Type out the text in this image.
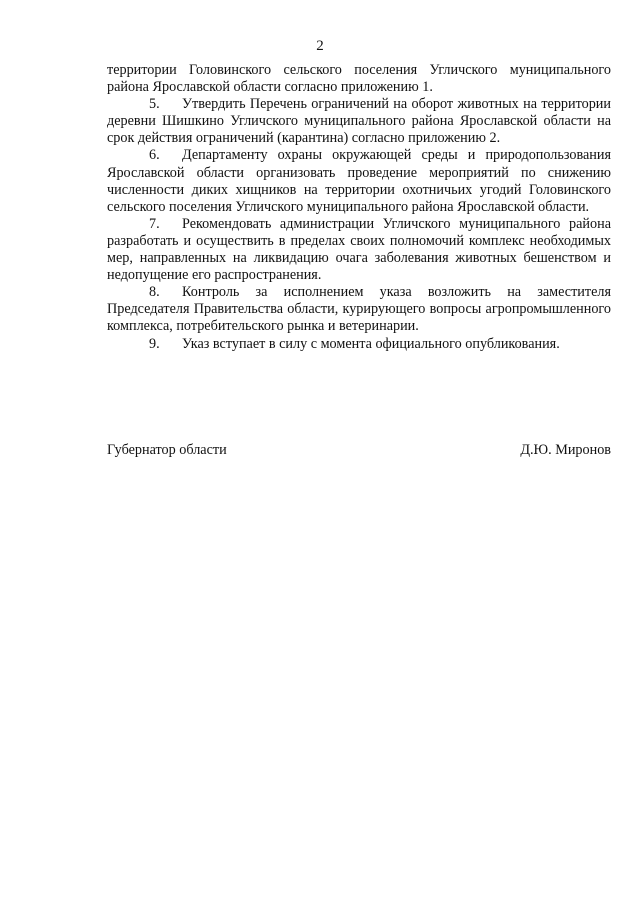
2

территории Головинского сельского поселения Угличского муниципального района Ярославской области согласно приложению 1.

5. Утвердить Перечень ограничений на оборот животных на территории деревни Шишкино Угличского муниципального района Ярославской области на срок действия ограничений (карантина) согласно приложению 2.

6. Департаменту охраны окружающей среды и природопользования Ярославской области организовать проведение мероприятий по снижению численности диких хищников на территории охотничьих угодий Головинского сельского поселения Угличского муниципального района Ярославской области.

7. Рекомендовать администрации Угличского муниципального района разработать и осуществить в пределах своих полномочий комплекс необходимых мер, направленных на ликвидацию очага заболевания животных бешенством и недопущение его распространения.

8. Контроль за исполнением указа возложить на заместителя Председателя Правительства области, курирующего вопросы агропромышленного комплекса, потребительского рынка и ветеринарии.

9. Указ вступает в силу с момента официального опубликования.

Губернатор области	Д.Ю. Миронов
